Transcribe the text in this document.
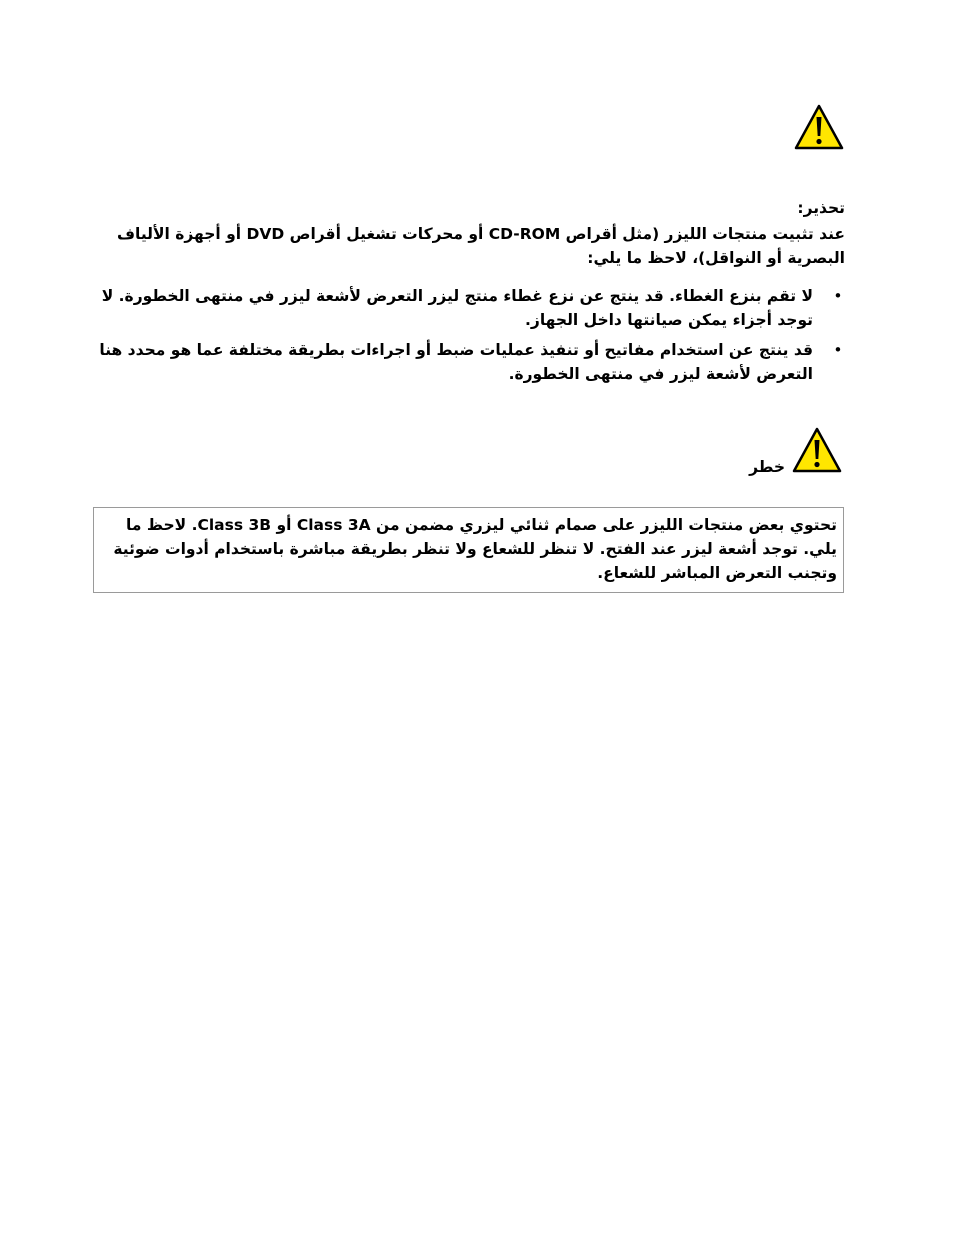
تحذير:
عند تثبيت منتجات الليزر (مثل أقراص CD-ROM أو محركات تشغيل أقراص DVD أو أجهزة الألياف البصرية أو النواقل)، لاحظ ما يلي:
•
لا تقم بنزع الغطاء. قد ينتج عن نزع غطاء منتج ليزر التعرض لأشعة ليزر في منتهى الخطورة. لا توجد أجزاء يمكن صيانتها داخل الجهاز.
•
قد ينتج عن استخدام مفاتيح أو تنفيذ عمليات ضبط أو اجراءات بطريقة مختلفة عما هو محدد هنا التعرض لأشعة ليزر في منتهى الخطورة.
خطر

تحتوي بعض منتجات الليزر على صمام ثنائي ليزري مضمن من Class 3A أو Class 3B. لاحظ ما يلي. توجد أشعة ليزر عند الفتح. لا تنظر للشعاع ولا تنظر بطريقة مباشرة باستخدام أدوات ضوئية وتجنب التعرض المباشر للشعاع.
